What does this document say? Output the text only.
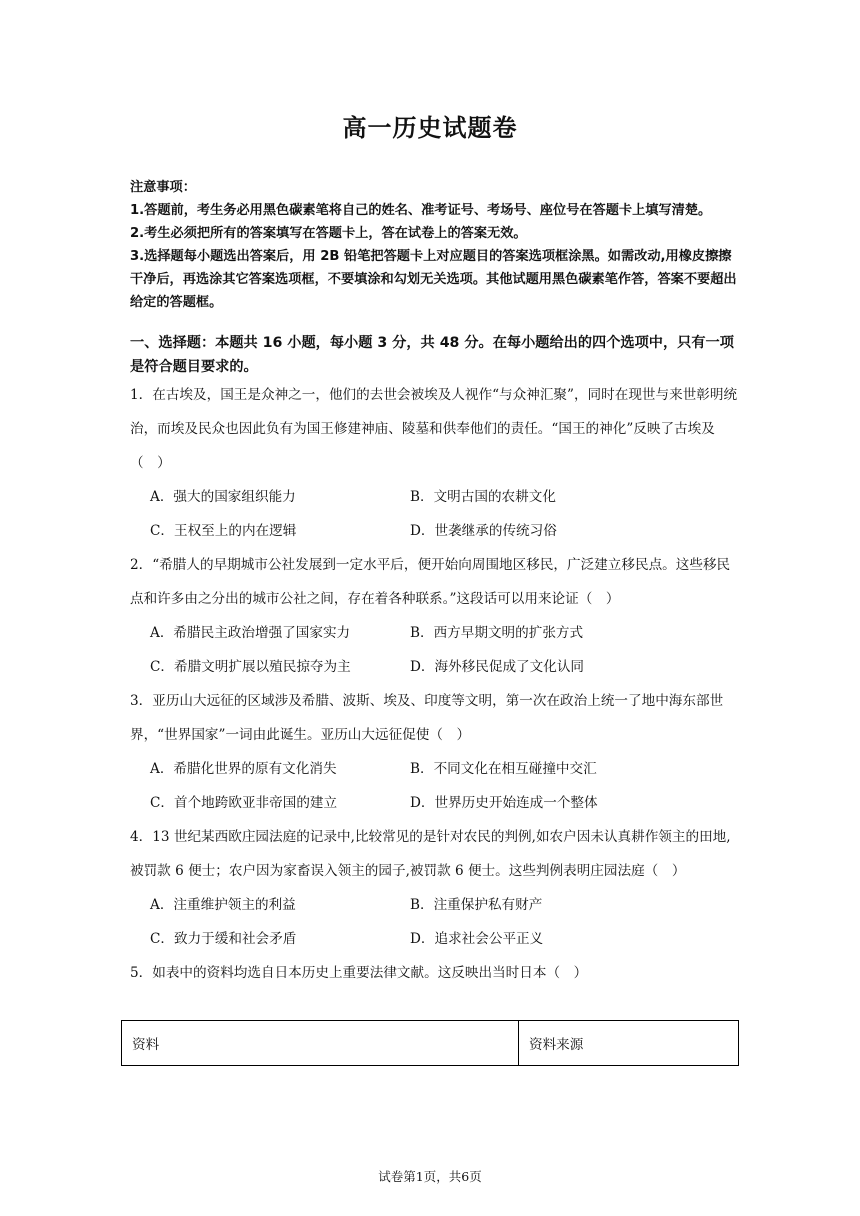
高一历史试题卷

注意事项：

1.答题前，考生务必用黑色碳素笔将自己的姓名、准考证号、考场号、座位号在答题卡上填写清楚。

2.考生必须把所有的答案填写在答题卡上，答在试卷上的答案无效。

3.选择题每小题选出答案后，用 2B 铅笔把答题卡上对应题目的答案选项框涂黑。如需改动,用橡皮擦擦干净后，再选涂其它答案选项框，不要填涂和勾划无关选项。其他试题用黑色碳素笔作答，答案不要超出给定的答题框。

一、选择题：本题共 16 小题，每小题 3 分，共 48 分。在每小题给出的四个选项中，只有一项是符合题目要求的。

1．在古埃及，国王是众神之一，他们的去世会被埃及人视作“与众神汇聚”，同时在现世与来世彰明统治，而埃及民众也因此负有为国王修建神庙、陵墓和供奉他们的责任。“国王的神化”反映了古埃及（　）

A．强大的国家组织能力	B．文明古国的农耕文化
C．王权至上的内在逻辑	D．世袭继承的传统习俗

2．“希腊人的早期城市公社发展到一定水平后，便开始向周围地区移民，广泛建立移民点。这些移民点和许多由之分出的城市公社之间，存在着各种联系。”这段话可以用来论证（　）

A．希腊民主政治增强了国家实力	B．西方早期文明的扩张方式
C．希腊文明扩展以殖民掠夺为主	D．海外移民促成了文化认同

3．亚历山大远征的区域涉及希腊、波斯、埃及、印度等文明，第一次在政治上统一了地中海东部世界，“世界国家”一词由此诞生。亚历山大远征促使（　）

A．希腊化世界的原有文化消失	B．不同文化在相互碰撞中交汇
C．首个地跨欧亚非帝国的建立	D．世界历史开始连成一个整体

4．13 世纪某西欧庄园法庭的记录中,比较常见的是针对农民的判例,如农户因未认真耕作领主的田地,被罚款 6 便士；农户因为家畜误入领主的园子,被罚款 6 便士。这些判例表明庄园法庭（　）

A．注重维护领主的利益	B．注重保护私有财产
C．致力于缓和社会矛盾	D．追求社会公平正义

5．如表中的资料均选自日本历史上重要法律文献。这反映出当时日本（　）

资料	资料来源
试卷第1页，共6页
